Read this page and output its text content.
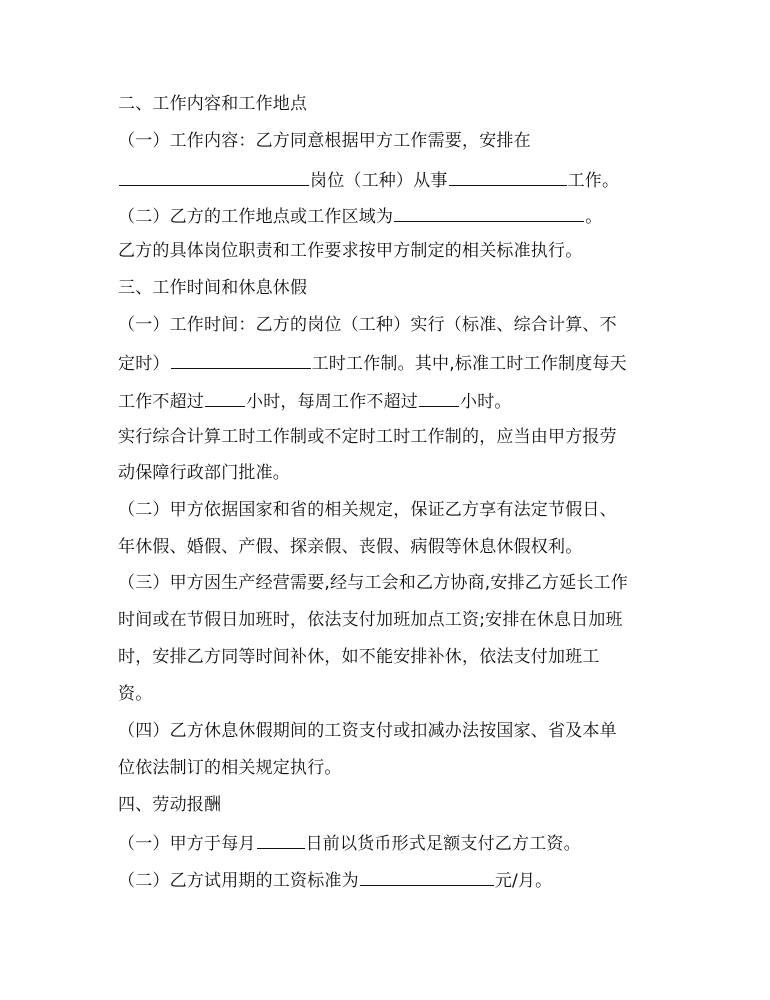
二、工作内容和工作地点
（一）工作内容：乙方同意根据甲方工作需要，安排在
岗位（工种）从事	工作。
（二）乙方的工作地点或工作区域为	。
乙方的具体岗位职责和工作要求按甲方制定的相关标准执行。
三、工作时间和休息休假
（一）工作时间：乙方的岗位（工种）实行（标准、综合计算、不
定时）	工时工作制。其中,标准工时工作制度每天
工作不超过 小时，每周工作不超过 小时。
实行综合计算工时工作制或不定时工时工作制的，应当由甲方报劳
动保障行政部门批准。
（二）甲方依据国家和省的相关规定，保证乙方享有法定节假日、
年休假、婚假、产假、探亲假、丧假、病假等休息休假权利。
（三）甲方因生产经营需要,经与工会和乙方协商,安排乙方延长工作
时间或在节假日加班时，依法支付加班加点工资;安排在休息日加班
时，安排乙方同等时间补休，如不能安排补休，依法支付加班工
资。
（四）乙方休息休假期间的工资支付或扣减办法按国家、省及本单
位依法制订的相关规定执行。
四、劳动报酬
（一）甲方于每月	日前以货币形式足额支付乙方工资。
（二）乙方试用期的工资标准为	元/月。
